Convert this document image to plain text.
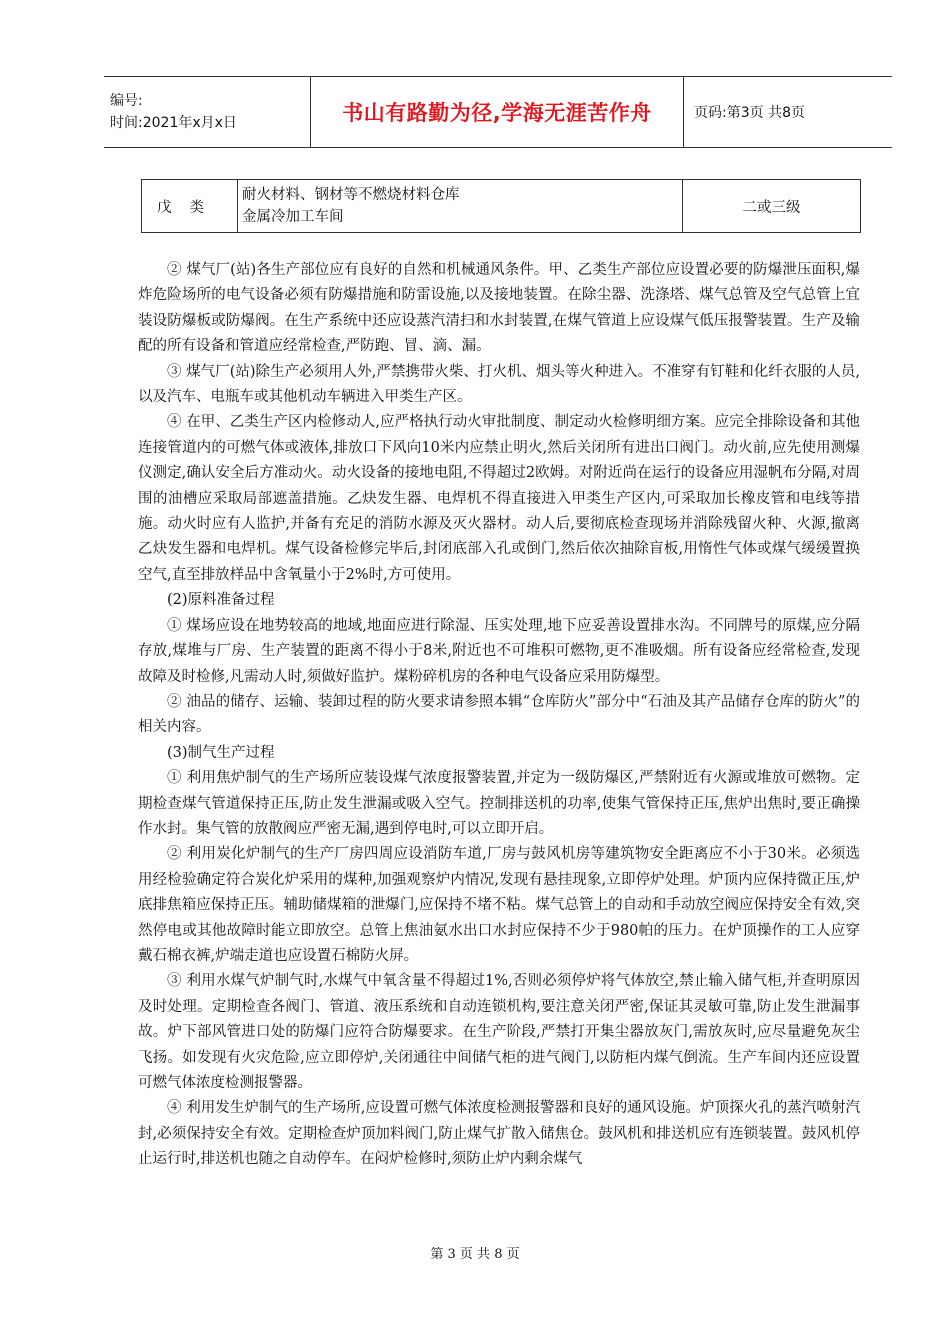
编号:
时间:2021年x月x日	书山有路勤为径,学海无涯苦作舟	页码:第3页 共8页
戊类
耐火材料、钢材等不燃烧材料仓库
金属冷加工车间
二或三级

② 煤气厂(站)各生产部位应有良好的自然和机械通风条件。甲、乙类生产部位应设置必要的防爆泄压面积,爆炸危险场所的电气设备必须有防爆措施和防雷设施,以及接地装置。在除尘器、洗涤塔、煤气总管及空气总管上宜装设防爆板或防爆阀。在生产系统中还应设蒸汽清扫和水封装置,在煤气管道上应设煤气低压报警装置。生产及输配的所有设备和管道应经常检查,严防跑、冒、滴、漏。

③ 煤气厂(站)除生产必须用人外,严禁携带火柴、打火机、烟头等火种进入。不准穿有钉鞋和化纤衣服的人员,以及汽车、电瓶车或其他机动车辆进入甲类生产区。

④ 在甲、乙类生产区内检修动人,应严格执行动火审批制度、制定动火检修明细方案。应完全排除设备和其他连接管道内的可燃气体或液体,排放口下风向10米内应禁止明火,然后关闭所有进出口阀门。动火前,应先使用测爆仪测定,确认安全后方准动火。动火设备的接地电阻,不得超过2欧姆。对附近尚在运行的设备应用湿帆布分隔,对周围的油槽应采取局部遮盖措施。乙炔发生器、电焊机不得直接进入甲类生产区内,可采取加长橡皮管和电线等措施。动火时应有人监护,并备有充足的消防水源及灭火器材。动人后,要彻底检查现场并消除残留火种、火源,撤离乙炔发生器和电焊机。煤气设备检修完毕后,封闭底部入孔或倒门,然后依次抽除盲板,用惰性气体或煤气缓缓置换空气,直至排放样品中含氧量小于2%时,方可使用。

(2)原料准备过程

① 煤场应设在地势较高的地域,地面应进行除湿、压实处理,地下应妥善设置排水沟。不同牌号的原煤,应分隔存放,煤堆与厂房、生产装置的距离不得小于8米,附近也不可堆积可燃物,更不准吸烟。所有设备应经常检查,发现故障及时检修,凡需动人时,须做好监护。煤粉碎机房的各种电气设备应采用防爆型。

② 油品的储存、运输、装卸过程的防火要求请参照本辑“仓库防火”部分中“石油及其产品储存仓库的防火”的相关内容。

(3)制气生产过程

① 利用焦炉制气的生产场所应装设煤气浓度报警装置,并定为一级防爆区,严禁附近有火源或堆放可燃物。定期检查煤气管道保持正压,防止发生泄漏或吸入空气。控制排送机的功率,使集气管保持正压,焦炉出焦时,要正确操作水封。集气管的放散阀应严密无漏,遇到停电时,可以立即开启。

② 利用炭化炉制气的生产厂房四周应设消防车道,厂房与鼓风机房等建筑物安全距离应不小于30米。必须选用经检验确定符合炭化炉采用的煤种,加强观察炉内情况,发现有悬挂现象,立即停炉处理。炉顶内应保持微正压,炉底排焦箱应保持正压。辅助储煤箱的泄爆门,应保持不堵不粘。煤气总管上的自动和手动放空阀应保持安全有效,突然停电或其他故障时能立即放空。总管上焦油氨水出口水封应保持不少于980帕的压力。在炉顶操作的工人应穿戴石棉衣裤,炉端走道也应设置石棉防火屏。

③ 利用水煤气炉制气时,水煤气中氧含量不得超过1%,否则必须停炉将气体放空,禁止输入储气柜,并查明原因及时处理。定期检查各阀门、管道、液压系统和自动连锁机构,要注意关闭严密,保证其灵敏可靠,防止发生泄漏事故。炉下部风管进口处的防爆门应符合防爆要求。在生产阶段,严禁打开集尘器放灰门,需放灰时,应尽量避免灰尘飞扬。如发现有火灾危险,应立即停炉,关闭通往中间储气柜的进气阀门,以防柜内煤气倒流。生产车间内还应设置可燃气体浓度检测报警器。

④ 利用发生炉制气的生产场所,应设置可燃气体浓度检测报警器和良好的通风设施。炉顶探火孔的蒸汽喷射汽封,必须保持安全有效。定期检查炉顶加料阀门,防止煤气扩散入储焦仓。鼓风机和排送机应有连锁装置。鼓风机停止运行时,排送机也随之自动停车。在闷炉检修时,须防止炉内剩余煤气

第 3 页 共 8 页
